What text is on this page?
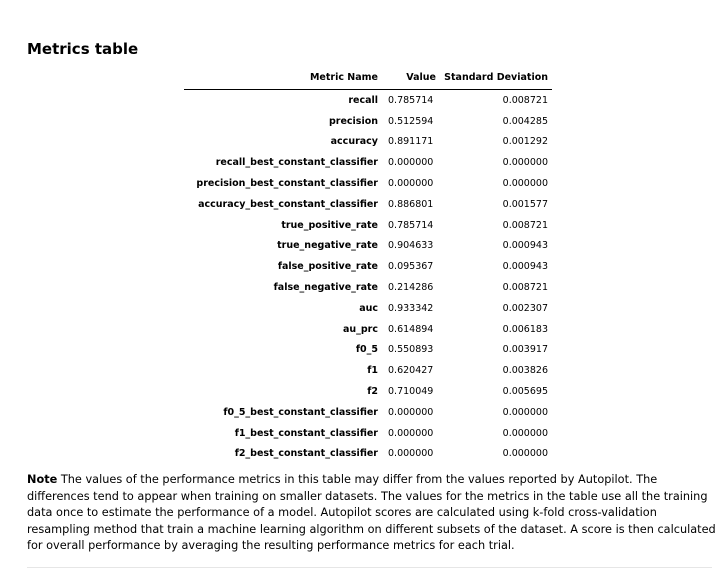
Metrics table
Metric Name	Value	Standard Deviation
recall	0.785714	0.008721
precision	0.512594	0.004285
accuracy	0.891171	0.001292
recall_best_constant_classifier	0.000000	0.000000
precision_best_constant_classifier	0.000000	0.000000
accuracy_best_constant_classifier	0.886801	0.001577
true_positive_rate	0.785714	0.008721
true_negative_rate	0.904633	0.000943
false_positive_rate	0.095367	0.000943
false_negative_rate	0.214286	0.008721
auc	0.933342	0.002307
au_prc	0.614894	0.006183
f0_5	0.550893	0.003917
f1	0.620427	0.003826
f2	0.710049	0.005695
f0_5_best_constant_classifier	0.000000	0.000000
f1_best_constant_classifier	0.000000	0.000000
f2_best_constant_classifier	0.000000	0.000000

Note The values of the performance metrics in this table may differ from the values reported by Autopilot. The differences tend to appear when training on smaller datasets. The values for the metrics in the table use all the training data once to estimate the performance of a model. Autopilot scores are calculated using k-fold cross-validation resampling method that train a machine learning algorithm on different subsets of the dataset. A score is then calculated for overall performance by averaging the resulting performance metrics for each trial.
